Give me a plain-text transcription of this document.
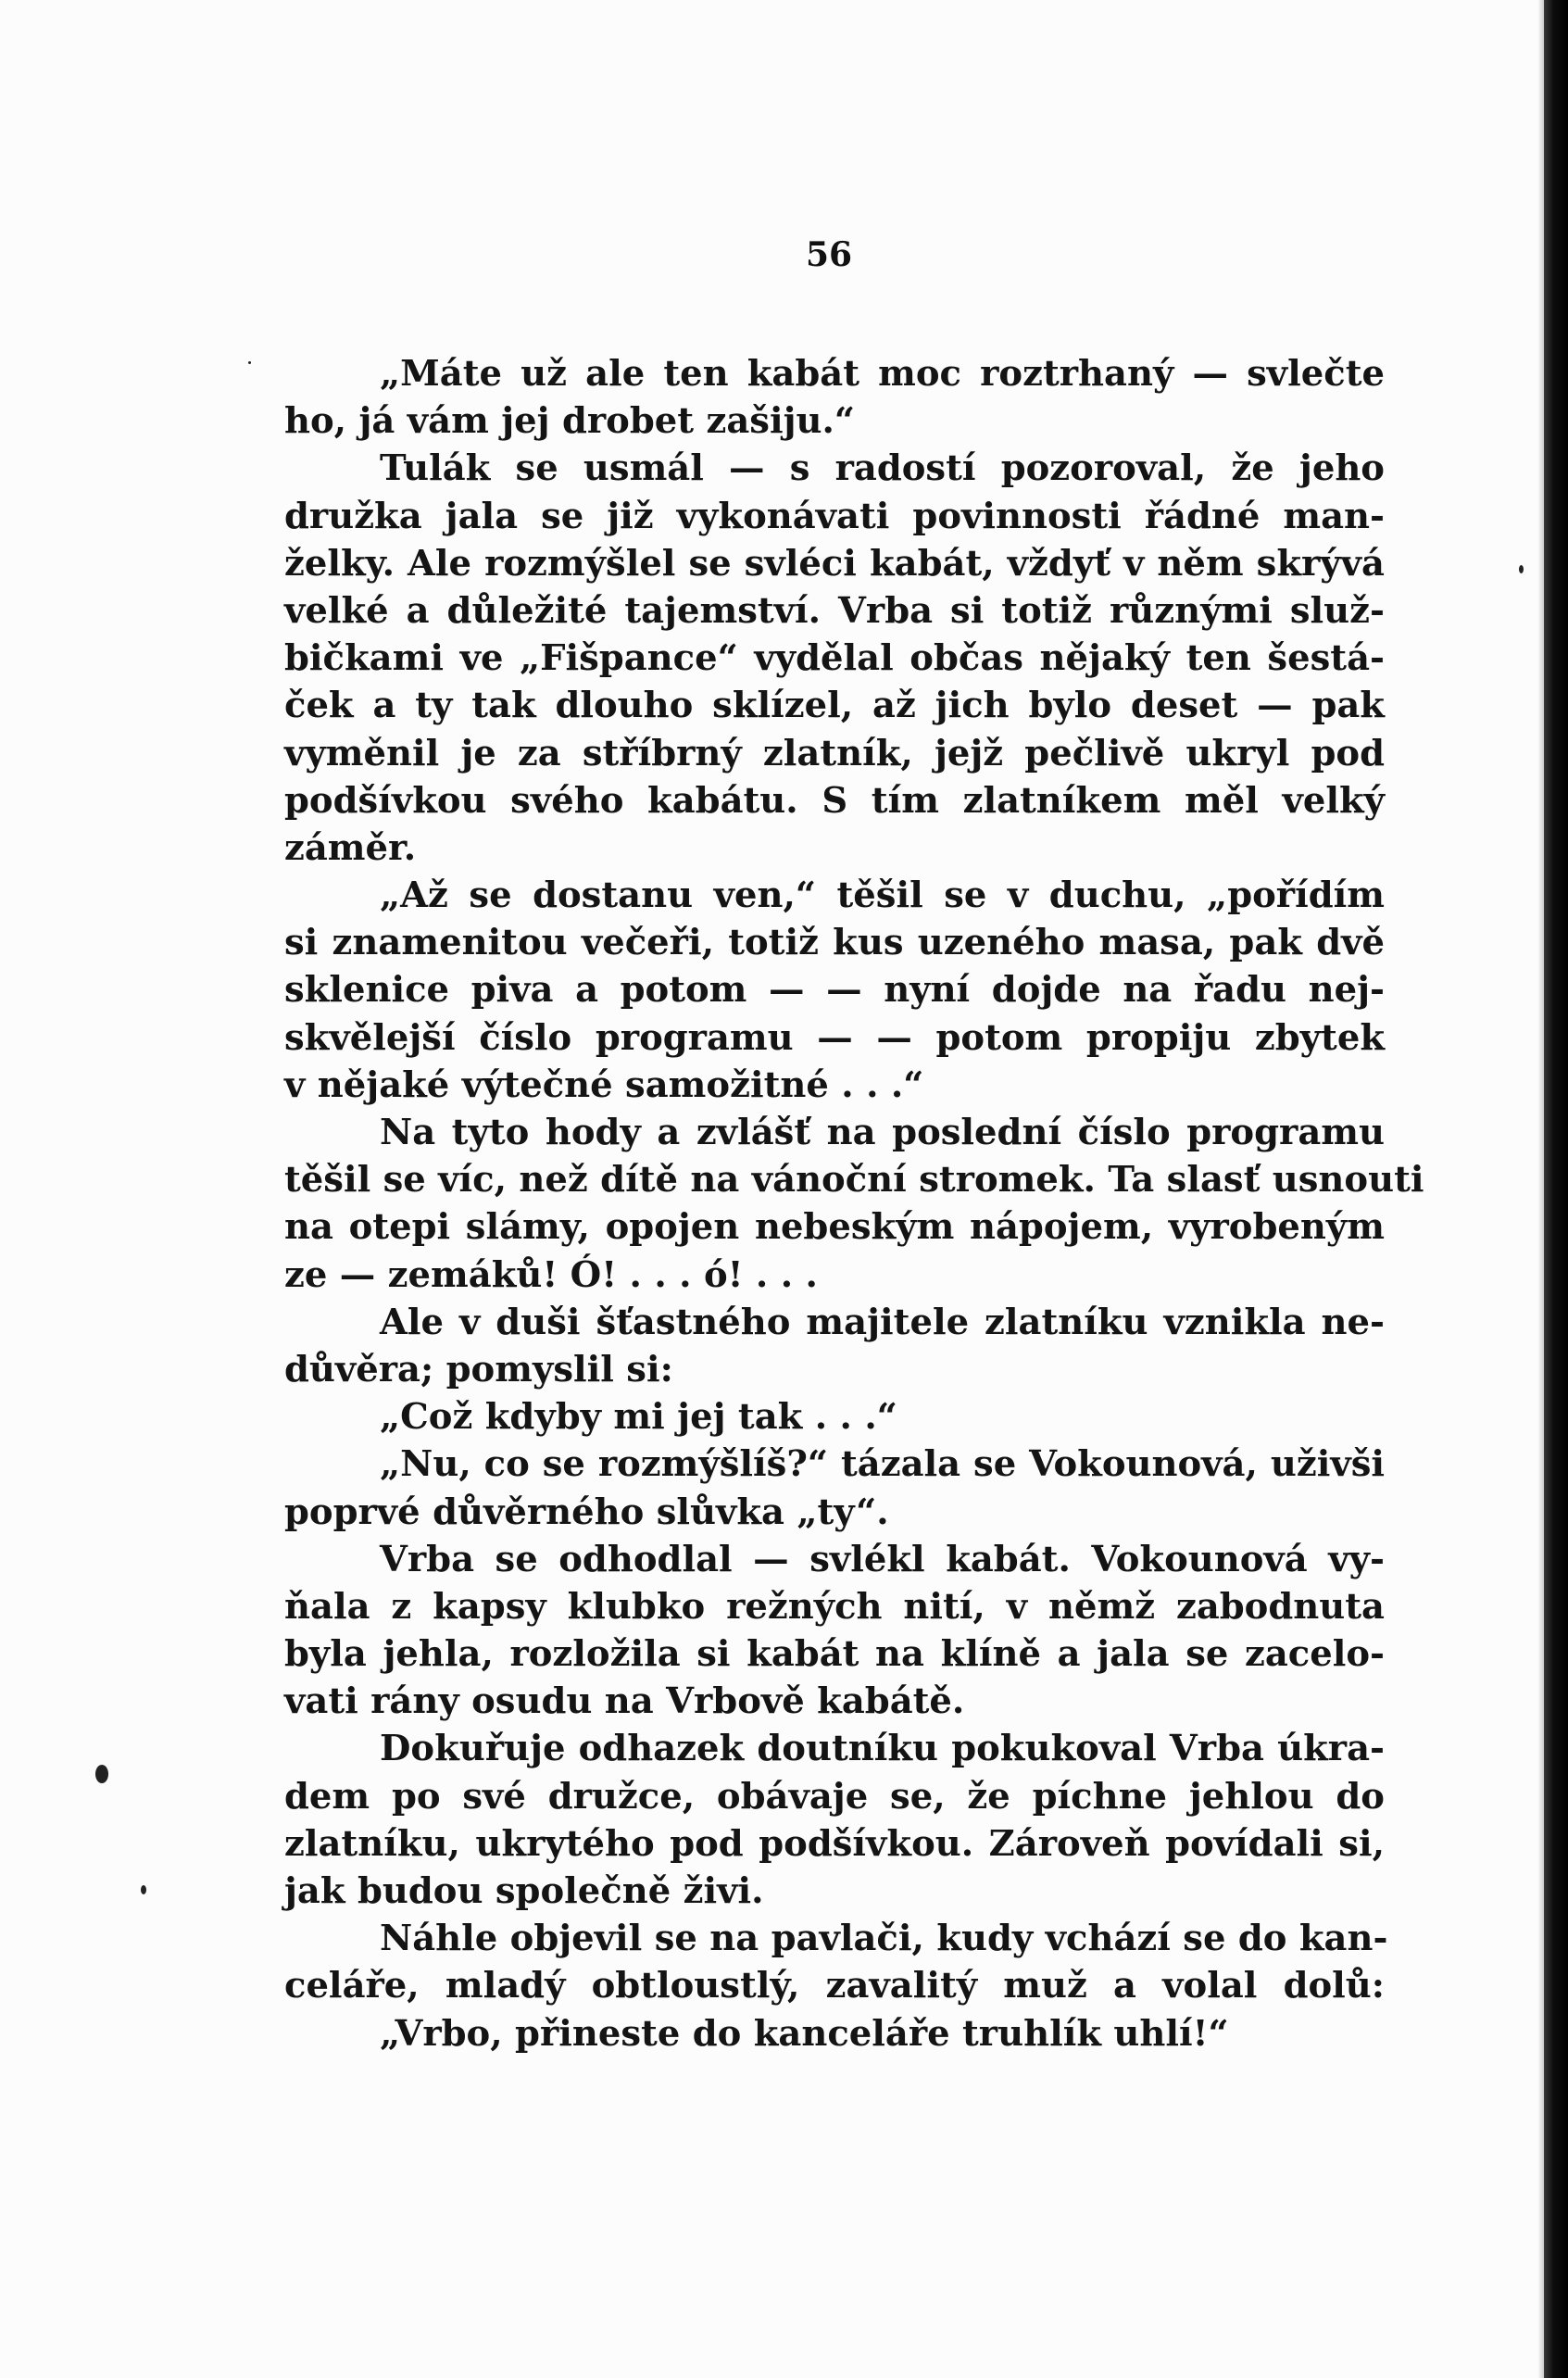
56
„Máte už ale ten kabát moc roztrhaný — svlečte
ho, já vám jej drobet zašiju.“
Tulák se usmál — s radostí pozoroval, že jeho
družka jala se již vykonávati povinnosti řádné man-
želky. Ale rozmýšlel se svléci kabát, vždyť v něm skrývá
velké a důležité tajemství. Vrba si totiž různými služ-
bičkami ve „Fišpance“ vydělal občas nějaký ten šestá-
ček a ty tak dlouho sklízel, až jich bylo deset — pak
vyměnil je za stříbrný zlatník, jejž pečlivě ukryl pod
podšívkou svého kabátu. S tím zlatníkem měl velký
záměr.
„Až se dostanu ven,“ těšil se v duchu, „pořídím
si znamenitou večeři, totiž kus uzeného masa, pak dvě
sklenice piva a potom — — nyní dojde na řadu nej-
skvělejší číslo programu — — potom propiju zbytek
v nějaké výtečné samožitné . . .“
Na tyto hody a zvlášť na poslední číslo programu
těšil se víc, než dítě na vánoční stromek. Ta slasť usnouti
na otepi slámy, opojen nebeským nápojem, vyrobeným
ze — zemáků! Ó! . . . ó! . . .
Ale v duši šťastného majitele zlatníku vznikla ne-
důvěra; pomyslil si:
„Což kdyby mi jej tak . . .“
„Nu, co se rozmýšlíš?“ tázala se Vokounová, uživši
poprvé důvěrného slůvka „ty“.
Vrba se odhodlal — svlékl kabát. Vokounová vy-
ňala z kapsy klubko režných nití, v němž zabodnuta
byla jehla, rozložila si kabát na klíně a jala se zacelo-
vati rány osudu na Vrbově kabátě.
Dokuřuje odhazek doutníku pokukoval Vrba úkra-
dem po své družce, obávaje se, že píchne jehlou do
zlatníku, ukrytého pod podšívkou. Zároveň povídali si,
jak budou společně živi.
Náhle objevil se na pavlači, kudy vchází se do kan-
celáře, mladý obtloustlý, zavalitý muž a volal dolů:
„Vrbo, přineste do kanceláře truhlík uhlí!“
